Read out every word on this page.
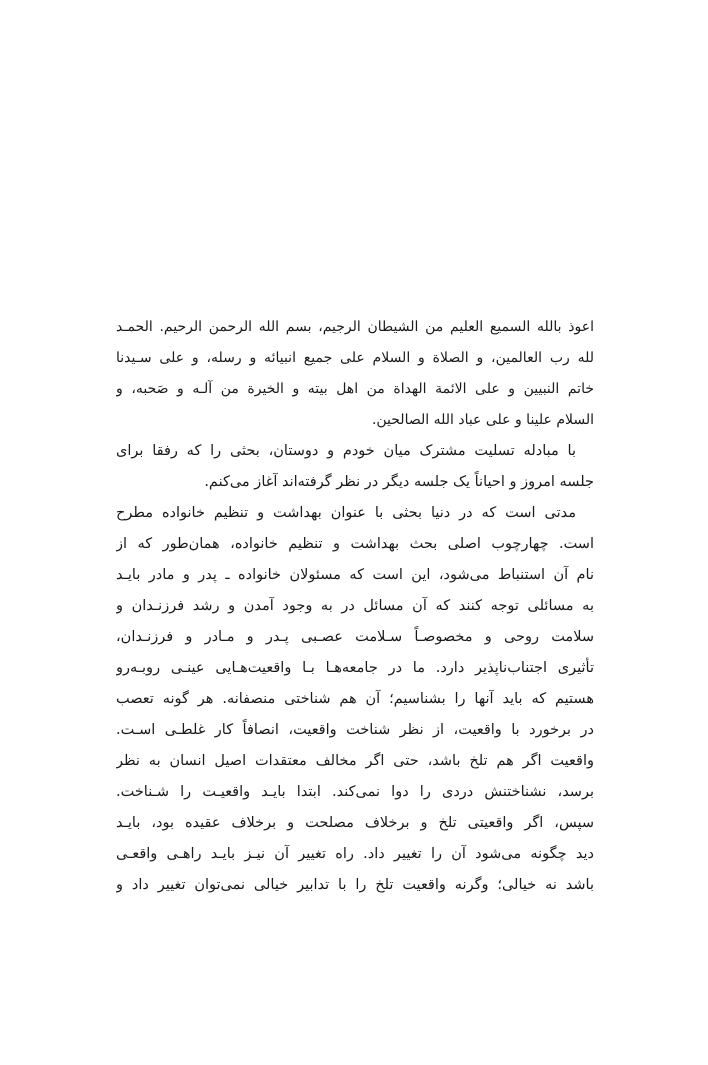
اعوذ بالله السمیع العلیم من الشیطان الرجیم، بسم الله الرحمن الرحیم. الحمـد
لله رب العالمین، و الصلاة و السلام علی جمیع انبیائه و رسله، و علی سـیدنا
خاتم النبیین و علی الائمة الهداة من اهل بیته و الخیرة من آلـه و صَحبه، و
السلام علینا و علی عباد الله الصالحین.
با مبادله تسلیت مشترک میان خودم و دوستان، بحثی را که رفقا برای
جلسه امروز و احیاناً یک جلسه دیگر در نظر گرفته‌اند آغاز می‌کنم.
مدتی است که در دنیا بحثی با عنوان بهداشت و تنظیم خانواده مطرح
است. چهارچوب اصلی بحث بهداشت و تنظیم خانواده، همان‌طور که از
نام آن استنباط می‌شود، این است که مسئولان خانواده ـ پدر و مادر بایـد
به مسائلی توجه کنند که آن مسائل در به وجود آمدن و رشد فرزنـدان و
سلامت روحی و مخصوصـاً سـلامت عصـبی پـدر و مـادر و فرزنـدان،
تأثیری اجتناب‌ناپذیر دارد. ما در جامعه‌هـا بـا واقعیت‌هـایی عینـی روبـه‌رو
هستیم که باید آنها را بشناسیم؛ آن هم شناختی منصفانه. هر گونه تعصب
در برخورد با واقعیت، از نظر شناخت واقعیت، انصافاً کار غلطـی اسـت.
واقعیت اگر هم تلخ باشد، حتی اگر مخالف معتقدات اصیل انسان به نظر
برسد، نشناختنش دردی را دوا نمی‌کند. ابتدا بایـد واقعیـت را شـناخت.
سپس، اگر واقعیتی تلخ و برخلاف مصلحت و برخلاف عقیده بود، بایـد
دید چگونه می‌شود آن را تغییر داد. راه تغییر آن نیـز بایـد راهـی واقعـی
باشد نه خیالی؛ وگرنه واقعیت تلخ را با تدابیر خیالی نمی‌توان تغییر داد و
